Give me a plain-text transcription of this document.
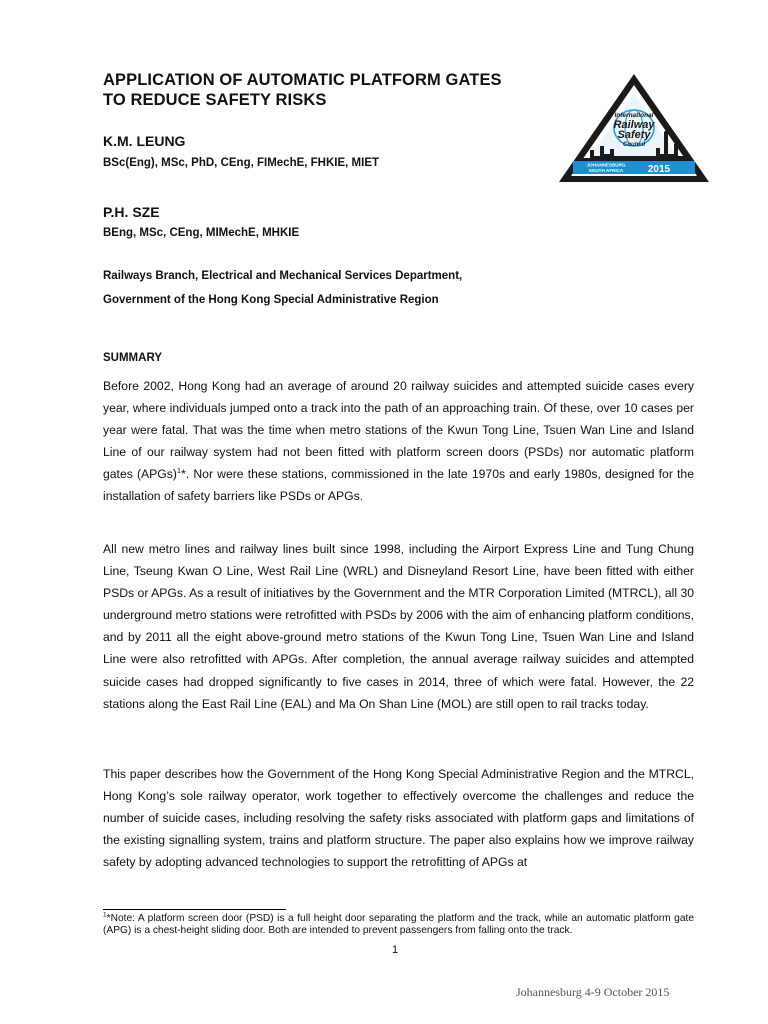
APPLICATION OF AUTOMATIC PLATFORM GATES
TO REDUCE SAFETY RISKS
K.M. LEUNG
BSc(Eng), MSc, PhD, CEng, FIMechE, FHKIE, MIET
P.H. SZE
BEng, MSc, CEng, MIMechE, MHKIE
Railways Branch, Electrical and Mechanical Services Department,
Government of the Hong Kong Special Administrative Region
International
Railway
Safety
Council
JOHANNESBURG
SOUTH AFRICA 2015
SUMMARY
Before 2002, Hong Kong had an average of around 20 railway suicides and attempted suicide cases every year, where individuals jumped onto a track into the path of an approaching train. Of these, over 10 cases per year were fatal. That was the time when metro stations of the Kwun Tong Line, Tsuen Wan Line and Island Line of our railway system had not been fitted with platform screen doors (PSDs) nor automatic platform gates (APGs)$^1$*. Nor were these stations, commissioned in the late 1970s and early 1980s, designed for the installation of safety barriers like PSDs or APGs.
All new metro lines and railway lines built since 1998, including the Airport Express Line and Tung Chung Line, Tseung Kwan O Line, West Rail Line (WRL) and Disneyland Resort Line, have been fitted with either PSDs or APGs. As a result of initiatives by the Government and the MTR Corporation Limited (MTRCL), all 30 underground metro stations were retrofitted with PSDs by 2006 with the aim of enhancing platform conditions, and by 2011 all the eight above-ground metro stations of the Kwun Tong Line, Tsuen Wan Line and Island Line were also retrofitted with APGs. After completion, the annual average railway suicides and attempted suicide cases had dropped significantly to five cases in 2014, three of which were fatal. However, the 22 stations along the East Rail Line (EAL) and Ma On Shan Line (MOL) are still open to rail tracks today.
This paper describes how the Government of the Hong Kong Special Administrative Region and the MTRCL, Hong Kong’s sole railway operator, work together to effectively overcome the challenges and reduce the number of suicide cases, including resolving the safety risks associated with platform gaps and limitations of the existing signalling system, trains and platform structure. The paper also explains how we improve railway safety by adopting advanced technologies to support the retrofitting of APGs at
$^1$*Note: A platform screen door (PSD) is a full height door separating the platform and the track, while an automatic platform gate (APG) is a chest-height sliding door. Both are intended to prevent passengers from falling onto the track.
1
Johannesburg 4-9 October 2015
